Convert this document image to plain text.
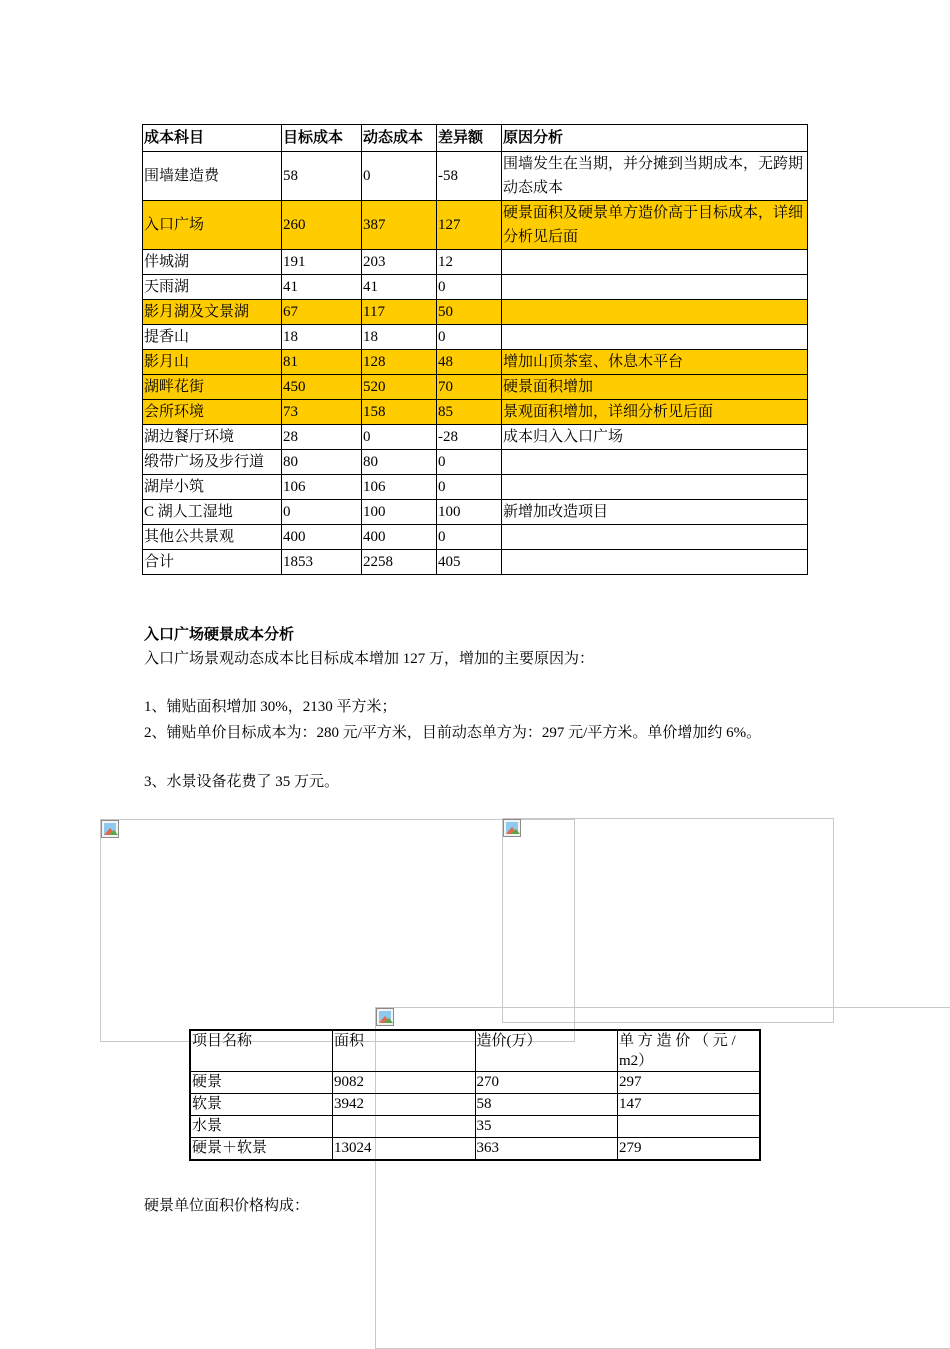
成本科目	目标成本	动态成本	差异额	原因分析
围墙建造费	58	0	-58	围墙发生在当期，并分摊到当期成本，无跨期动态成本
入口广场	260	387	127	硬景面积及硬景单方造价高于目标成本，详细分析见后面
伴城湖	191	203	12	
天雨湖	41	41	0	
影月湖及文景湖	67	117	50	
提香山	18	18	0	
影月山	81	128	48	增加山顶茶室、休息木平台
湖畔花街	450	520	70	硬景面积增加
会所环境	73	158	85	景观面积增加，详细分析见后面
湖边餐厅环境	28	0	-28	成本归入入口广场
缎带广场及步行道	80	80	0	
湖岸小筑	106	106	0	
C 湖人工湿地	0	100	100	新增加改造项目
其他公共景观	400	400	0	
合计	1853	2258	405	
入口广场硬景成本分析
入口广场景观动态成本比目标成本增加 127 万，增加的主要原因为：
1、铺贴面积增加 30%，2130 平方米；
2、铺贴单价目标成本为：280 元/平方米，目前动态单方为：297 元/平方米。单价增加约 6%。
3、水景设备花费了 35 万元。
项目名称	面积	造价(万）	单 方 造 价 （ 元 / m2）
硬景	9082	270	297
软景	3942	58	147
水景		35	
硬景＋软景	13024	363	279
硬景单位面积价格构成：
